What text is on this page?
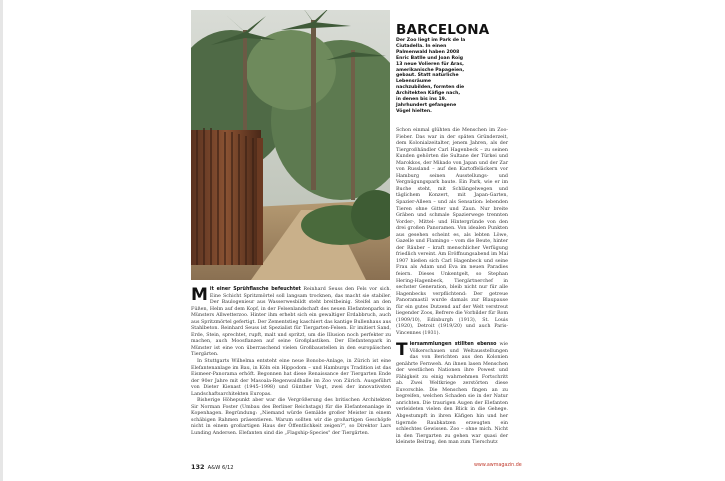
BARCELONA
Der Zoo liegt im Park de la Ciutadella. In einen Palmenwald haben 2008 Enric Batlle und Joan Roig 13 neue Volieren für Aras, amerikanische Papageien, gebaut. Statt natürliche Lebensräume nachzubilden, formten die Architekten Käfige nach, in denen bis ins 19. Jahrhundert gefangene Vögel hielten.

Mit einer Sprühflasche befeuchtet Reinhard Seuss den Fels vor sich. Eine Schicht Spritzmörtel soll langsam trocknen, das macht sie stabiler. Der Baulogenieur aus Wasserwesbildt steht breitbeinig. Steifel an den Füßen, Helm auf dem Kopf, in der Felsenlandschaft des neuen Elefantenparks in Münsters Allwetterzoo. Hinter ihm erhebt sich ein gewaltiger Erdabbruch, auch aus Spritzmörtel gefertigt. Der Zementstieg kaschiert das kantige Bullenhaus aus Stahlbeton. Reinhard Seuss ist Spezialist für Tiergarten-Felsen. Er imitiert Sand, Erde, Stein, sprechtet, rupft, malt und spritzt, um die Illusion noch perfekter zu machen, auch Moosflanzen auf seine Großplastiken. Der Elefantenpark in Münster ist eine von überraschend vielen Großbaustellen in den europäischen Tiergärten.

In Stuttgarts Wilhelma entsteht eine neue Bonobo-Anlage, in Zürich ist eine Elefantenanlage im Bau, in Köln ein Hippodom – und Hamburgs Tradition ist das Eismeer-Panorama erhöft. Begonnen hat diese Renaissance der Tiergarten Ende der 90er Jahre mit der Masoala-Regenwaldhalle im Zoo von Zürich. Ausgeführt von Dieter Kienast (1945–1998) und Günther Vogt, zwei der innovativsten Landschaftsarchitekten Europas.

Bisherige Höhepunkt aber war die Vergrößerung des britischen Architekten Sir Norman Foster (Umbau des Berliner Reichstags) für die Elefantenanlage in Kopenhagen. Begründung: „Niemand würde Gemälde großer Meister in einem schäbigen Rahmen präsentieren. Warum sollten wir die großartigen Geschöpfe nicht in einem großartigen Haus der Öffentlichkeit zeigen?", so Direktor Lars Lunding Andersen. Elefanten sind die „Flagship-Species" der Tiergärten.

Schon einmal glühten die Menschen im Zoo-Fieber. Das war in der späten Gründerzeit, dem Kolonialzeitalter, jenem Jahren, als der Tiergroßhändler Carl Hagenbeck – zu seinen Kunden gehörten die Sultane der Türkei und Marokkos, der Mikado von Japan und der Zar von Russland – auf den Kartoffeläckern vor Hamburg seinen Ausstellungs- und Vergnügungspark baute. Ein Park, wie er im Buche steht, mit Schlängelwegen und täglichem Konzert, mit Japan-Garten, Spazier-Alleen – und als Sensation: lebenden Tieren ohne Gitter und Zaun. Nur breite Gräben und schmale Spazierwege trennten Vorder-, Mittel- und Hintergründe von den drei großen Panoramen. Von idealen Punkten aus gesehen scheint es, als lebten Löwe, Gazelle und Flamingo – vom die Beute, hinter der Räuber – kraft menschlicher Verfügung friedlich vereint. Am Eröffnungsabend im Mai 1907 hießen sich Carl Hagenbeck und seine Frau als Adam und Eva im neuen Paradies feiern. Dieses Unkentgelt, so Stephan Hering-Hagenbeck, Tiergärtnerchef in sechster Generation, bleib nicht nur für alle Hagenbecks verpflichtend: Der getreue Panoramastil wurde damals zur Blaupause für ein gutes Dutzend auf der Welt verstreut liegender Zoos, Befrere die Vorbilder für Rom (1909/10), Edinburgh (1913), St. Louis (1920), Detroit (1919/20) und auch Paris-Vincennes (1931).

Tiersammlungen stillten ebenso wie Völkerschauen und Weltausstellungen das von Berichten aus den Kolonien genährte Fernweh. An ihnen lasen Menschen der westlichen Nationen ihre Powest und Fähigkeit zu einig wahrnehmen Fortschritt ab. Zwei Weltkriege zerstörten diese Euvorschle. Die Menschen fingen an zu begreifen, welchen Schaden sie in der Natur anrichten. Die traurigen Augen der Elefanten verleideten vielen den Blick in die Gehege. Abgestumpft in ihren Käfigen hin und her tigernde Raubkatzen erzeugten ein schlechtes Gewissen. Zoo – ohne mich. Nicht in den Tiergarten zu gehen war quasi der kleinste Beitrag, den man zum Tierschutz

132 A&W 6/12	www.awmagazin.de
